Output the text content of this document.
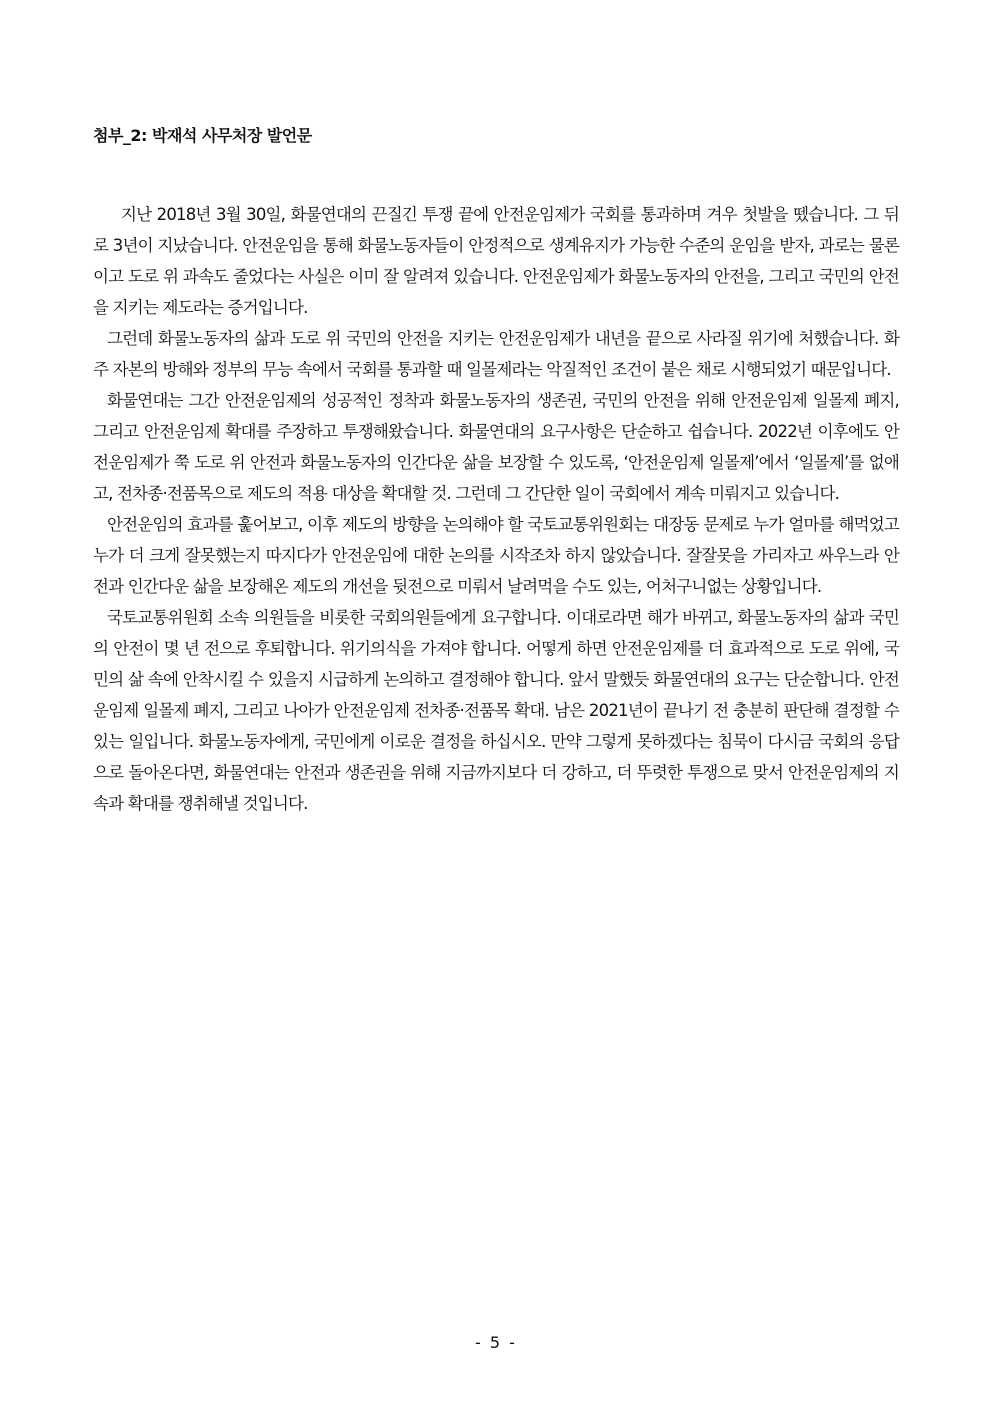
첨부_2: 박재석 사무처장 발언문

지난 2018년 3월 30일, 화물연대의 끈질긴 투쟁 끝에 안전운임제가 국회를 통과하며 겨우 첫발을 뗐습니다. 그 뒤로 3년이 지났습니다. 안전운임을 통해 화물노동자들이 안정적으로 생계유지가 가능한 수준의 운임을 받자, 과로는 물론이고 도로 위 과속도 줄었다는 사실은 이미 잘 알려져 있습니다. 안전운임제가 화물노동자의 안전을, 그리고 국민의 안전을 지키는 제도라는 증거입니다.

그런데 화물노동자의 삶과 도로 위 국민의 안전을 지키는 안전운임제가 내년을 끝으로 사라질 위기에 처했습니다. 화주 자본의 방해와 정부의 무능 속에서 국회를 통과할 때 일몰제라는 악질적인 조건이 붙은 채로 시행되었기 때문입니다.

화물연대는 그간 안전운임제의 성공적인 정착과 화물노동자의 생존권, 국민의 안전을 위해 안전운임제 일몰제 폐지, 그리고 안전운임제 확대를 주장하고 투쟁해왔습니다. 화물연대의 요구사항은 단순하고 쉽습니다. 2022년 이후에도 안전운임제가 쭉 도로 위 안전과 화물노동자의 인간다운 삶을 보장할 수 있도록, ‘안전운임제 일몰제’에서 ‘일몰제’를 없애고, 전차종·전품목으로 제도의 적용 대상을 확대할 것. 그런데 그 간단한 일이 국회에서 계속 미뤄지고 있습니다.

안전운임의 효과를 훑어보고, 이후 제도의 방향을 논의해야 할 국토교통위원회는 대장동 문제로 누가 얼마를 해먹었고 누가 더 크게 잘못했는지 따지다가 안전운임에 대한 논의를 시작조차 하지 않았습니다. 잘잘못을 가리자고 싸우느라 안전과 인간다운 삶을 보장해온 제도의 개선을 뒷전으로 미뤄서 날려먹을 수도 있는, 어처구니없는 상황입니다.

국토교통위원회 소속 의원들을 비롯한 국회의원들에게 요구합니다. 이대로라면 해가 바뀌고, 화물노동자의 삶과 국민의 안전이 몇 년 전으로 후퇴합니다. 위기의식을 가져야 합니다. 어떻게 하면 안전운임제를 더 효과적으로 도로 위에, 국민의 삶 속에 안착시킬 수 있을지 시급하게 논의하고 결정해야 합니다. 앞서 말했듯 화물연대의 요구는 단순합니다. 안전운임제 일몰제 폐지, 그리고 나아가 안전운임제 전차종·전품목 확대. 남은 2021년이 끝나기 전 충분히 판단해 결정할 수 있는 일입니다. 화물노동자에게, 국민에게 이로운 결정을 하십시오. 만약 그렇게 못하겠다는 침묵이 다시금 국회의 응답으로 돌아온다면, 화물연대는 안전과 생존권을 위해 지금까지보다 더 강하고, 더 뚜렷한 투쟁으로 맞서 안전운임제의 지속과 확대를 쟁취해낼 것입니다.

- 5 -
